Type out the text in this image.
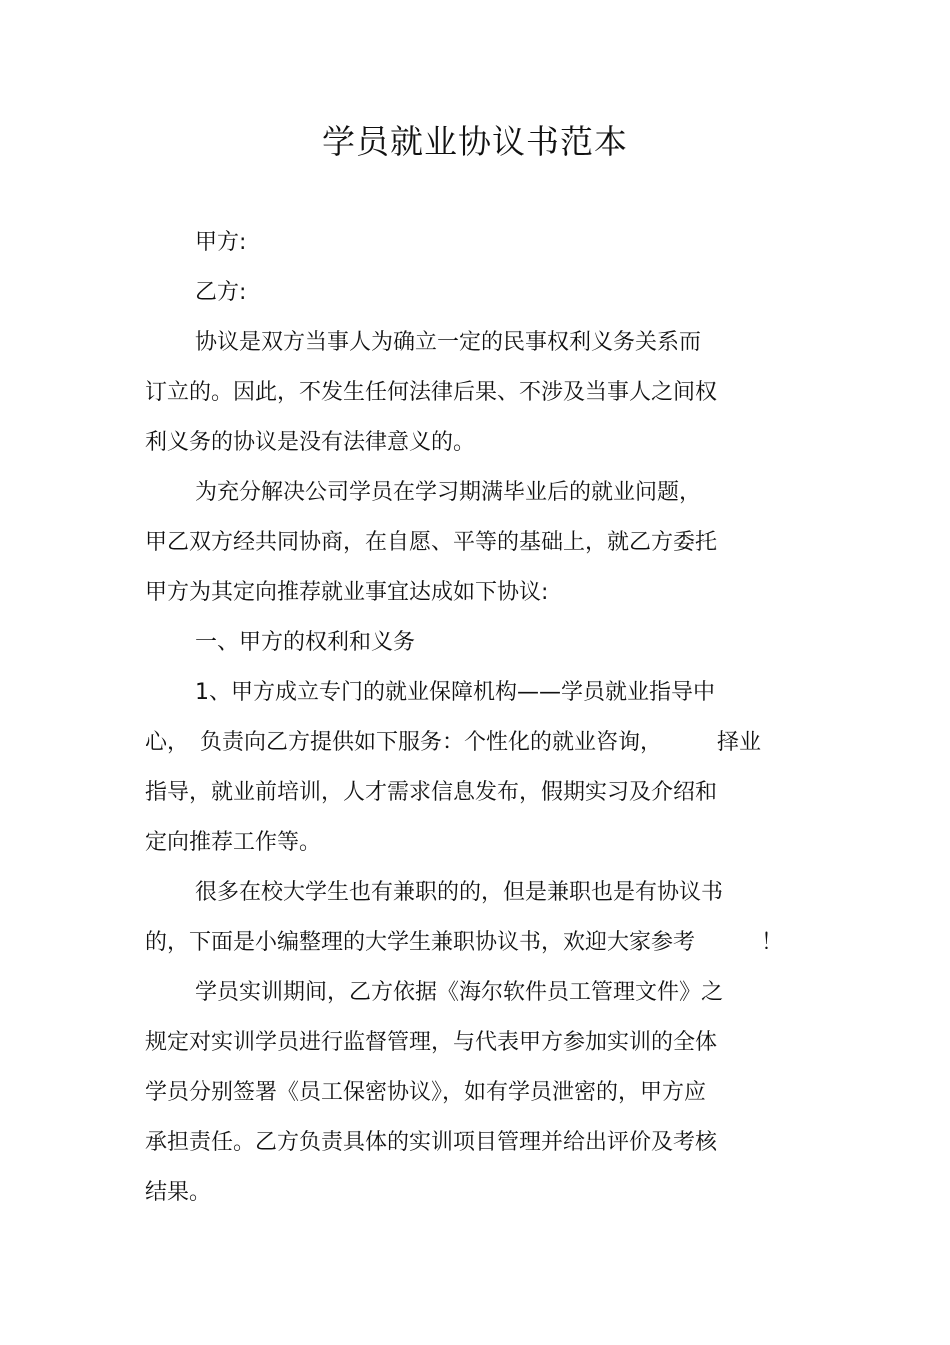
学员就业协议书范本
甲方:
乙方:
协议是双方当事人为确立一定的民事权利义务关系而
订立的。因此，不发生任何法律后果、不涉及当事人之间权
利义务的协议是没有法律意义的。
为充分解决公司学员在学习期满毕业后的就业问题，
甲乙双方经共同协商，在自愿、平等的基础上，就乙方委托
甲方为其定向推荐就业事宜达成如下协议:
一、甲方的权利和义务
1、甲方成立专门的就业保障机构——学员就业指导中
心，　负责向乙方提供如下服务：个性化的就业咨询，　　　择业
指导，就业前培训，人才需求信息发布，假期实习及介绍和
定向推荐工作等。
很多在校大学生也有兼职的的，但是兼职也是有协议书
的，下面是小编整理的大学生兼职协议书，欢迎大家参考　　　！
学员实训期间，乙方依据《海尔软件员工管理文件》之
规定对实训学员进行监督管理，与代表甲方参加实训的全体
学员分别签署《员工保密协议》，如有学员泄密的，甲方应
承担责任。乙方负责具体的实训项目管理并给出评价及考核
结果。
